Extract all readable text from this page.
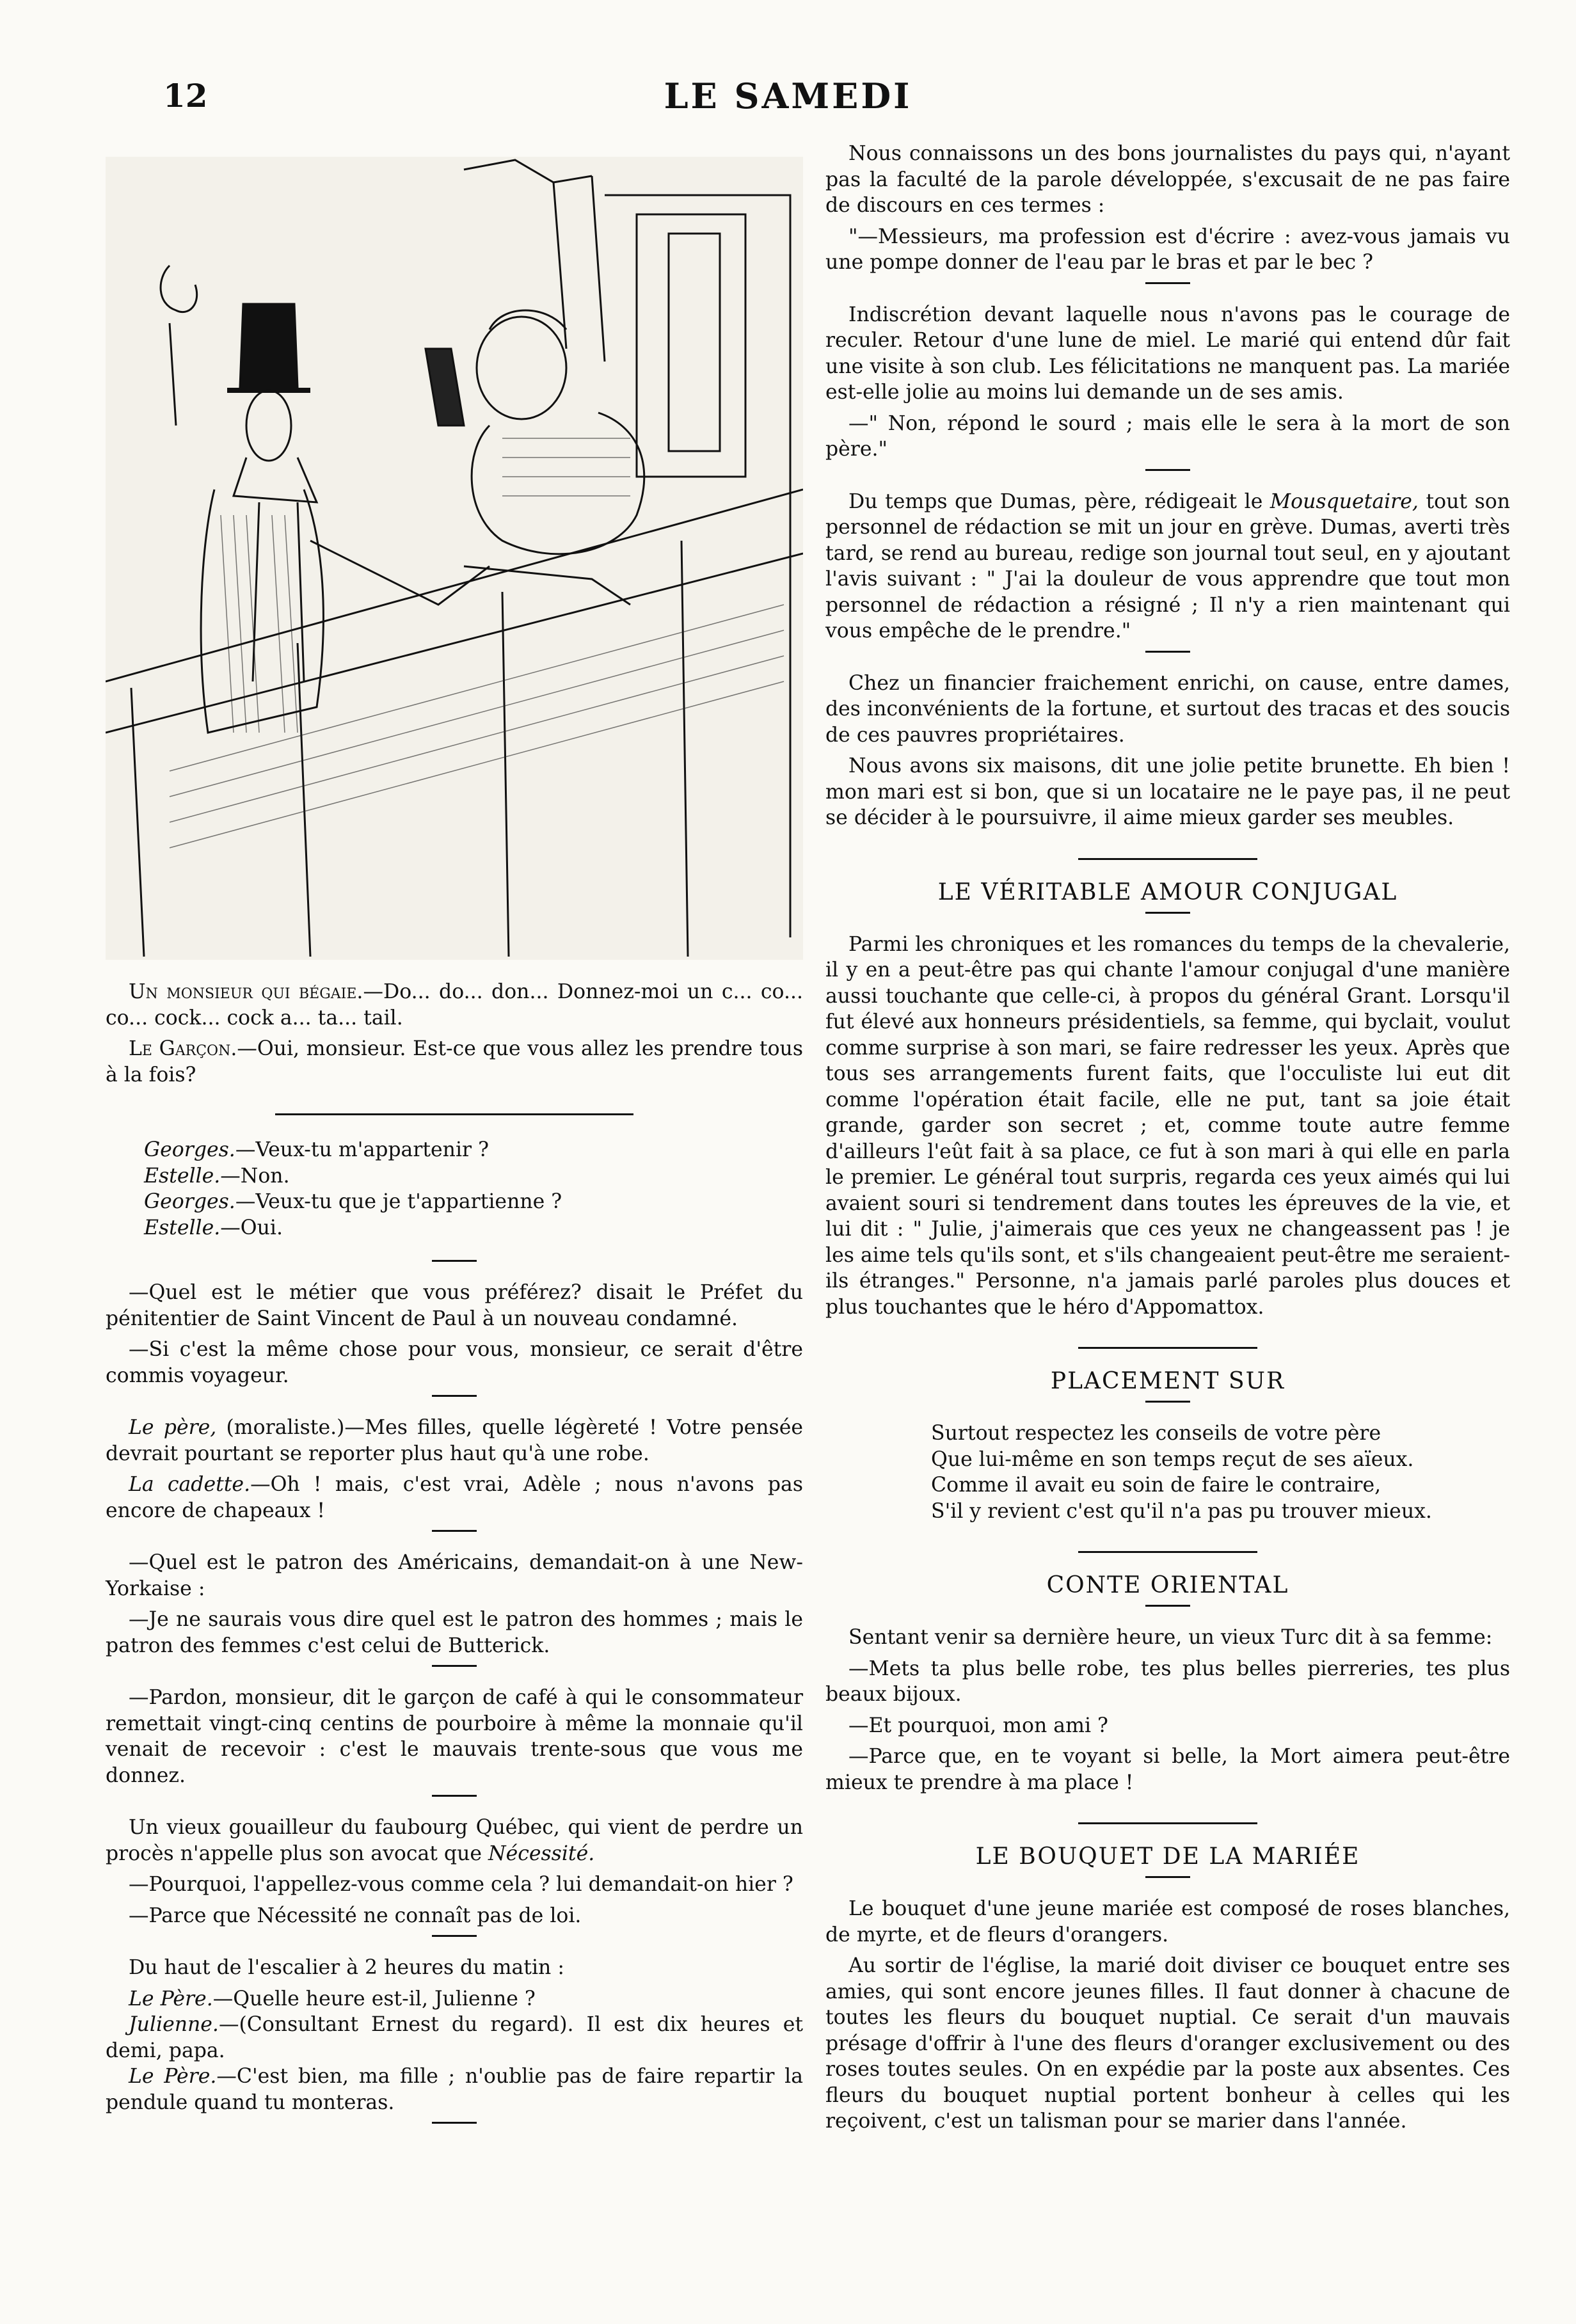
12	LE SAMEDI

Un monsieur qui bégaie.—Do... do... don... Donnez-moi un c... co... co... cock... cock a... ta... tail.

Le Garçon.—Oui, monsieur. Est-ce que vous allez les prendre tous à la fois?

Georges.—Veux-tu m'appartenir ?

Estelle.—Non.

Georges.—Veux-tu que je t'appartienne ?

Estelle.—Oui.

—Quel est le métier que vous préférez? disait le Préfet du pénitentier de Saint Vincent de Paul à un nouveau condamné.

—Si c'est la même chose pour vous, monsieur, ce serait d'être commis voyageur.

Le père, (moraliste.)—Mes filles, quelle légèreté ! Votre pensée devrait pourtant se reporter plus haut qu'à une robe.

La cadette.—Oh ! mais, c'est vrai, Adèle ; nous n'avons pas encore de chapeaux !

—Quel est le patron des Américains, demandait-on à une New-Yorkaise :

—Je ne saurais vous dire quel est le patron des hommes ; mais le patron des femmes c'est celui de Butterick.

—Pardon, monsieur, dit le garçon de café à qui le consommateur remettait vingt-cinq centins de pourboire à même la monnaie qu'il venait de recevoir : c'est le mauvais trente-sous que vous me donnez.

Un vieux gouailleur du faubourg Québec, qui vient de perdre un procès n'appelle plus son avocat que Nécessité.

—Pourquoi, l'appellez-vous comme cela ? lui demandait-on hier ?

—Parce que Nécessité ne connaît pas de loi.

Du haut de l'escalier à 2 heures du matin :

Le Père.—Quelle heure est-il, Julienne ?

Julienne.—(Consultant Ernest du regard). Il est dix heures et demi, papa.

Le Père.—C'est bien, ma fille ; n'oublie pas de faire repartir la pendule quand tu monteras.

Nous connaissons un des bons journalistes du pays qui, n'ayant pas la faculté de la parole développée, s'excusait de ne pas faire de discours en ces termes :

"—Messieurs, ma profession est d'écrire : avez-vous jamais vu une pompe donner de l'eau par le bras et par le bec ?

Indiscrétion devant laquelle nous n'avons pas le courage de reculer. Retour d'une lune de miel. Le marié qui entend dûr fait une visite à son club. Les félicitations ne manquent pas. La mariée est-elle jolie au moins lui demande un de ses amis.

—" Non, répond le sourd ; mais elle le sera à la mort de son père."

Du temps que Dumas, père, rédigeait le Mousquetaire, tout son personnel de rédaction se mit un jour en grève. Dumas, averti très tard, se rend au bureau, redige son journal tout seul, en y ajoutant l'avis suivant : " J'ai la douleur de vous apprendre que tout mon personnel de rédaction a résigné ; Il n'y a rien maintenant qui vous empêche de le prendre."

Chez un financier fraichement enrichi, on cause, entre dames, des inconvénients de la fortune, et surtout des tracas et des soucis de ces pauvres propriétaires.

Nous avons six maisons, dit une jolie petite brunette. Eh bien ! mon mari est si bon, que si un locataire ne le paye pas, il ne peut se décider à le poursuivre, il aime mieux garder ses meubles.

LE VÉRITABLE AMOUR CONJUGAL

Parmi les chroniques et les romances du temps de la chevalerie, il y en a peut-être pas qui chante l'amour conjugal d'une manière aussi touchante que celle-ci, à propos du général Grant. Lorsqu'il fut élevé aux honneurs présidentiels, sa femme, qui byclait, voulut comme surprise à son mari, se faire redresser les yeux. Après que tous ses arrangements furent faits, que l'occuliste lui eut dit comme l'opération était facile, elle ne put, tant sa joie était grande, garder son secret ; et, comme toute autre femme d'ailleurs l'eût fait à sa place, ce fut à son mari à qui elle en parla le premier. Le général tout surpris, regarda ces yeux aimés qui lui avaient souri si tendrement dans toutes les épreuves de la vie, et lui dit : " Julie, j'aimerais que ces yeux ne changeassent pas ! je les aime tels qu'ils sont, et s'ils changeaient peut-être me seraient-ils étranges." Personne, n'a jamais parlé paroles plus douces et plus touchantes que le héro d'Appomattox.

PLACEMENT SUR

Surtout respectez les conseils de votre père

Que lui-même en son temps reçut de ses aïeux.

Comme il avait eu soin de faire le contraire,

S'il y revient c'est qu'il n'a pas pu trouver mieux.

CONTE ORIENTAL

Sentant venir sa dernière heure, un vieux Turc dit à sa femme:

—Mets ta plus belle robe, tes plus belles pierreries, tes plus beaux bijoux.

—Et pourquoi, mon ami ?

—Parce que, en te voyant si belle, la Mort aimera peut-être mieux te prendre à ma place !

LE BOUQUET DE LA MARIÉE

Le bouquet d'une jeune mariée est composé de roses blanches, de myrte, et de fleurs d'orangers.

Au sortir de l'église, la marié doit diviser ce bouquet entre ses amies, qui sont encore jeunes filles. Il faut donner à chacune de toutes les fleurs du bouquet nuptial. Ce serait d'un mauvais présage d'offrir à l'une des fleurs d'oranger exclusivement ou des roses toutes seules. On en expédie par la poste aux absentes. Ces fleurs du bouquet nuptial portent bonheur à celles qui les reçoivent, c'est un talisman pour se marier dans l'année.
